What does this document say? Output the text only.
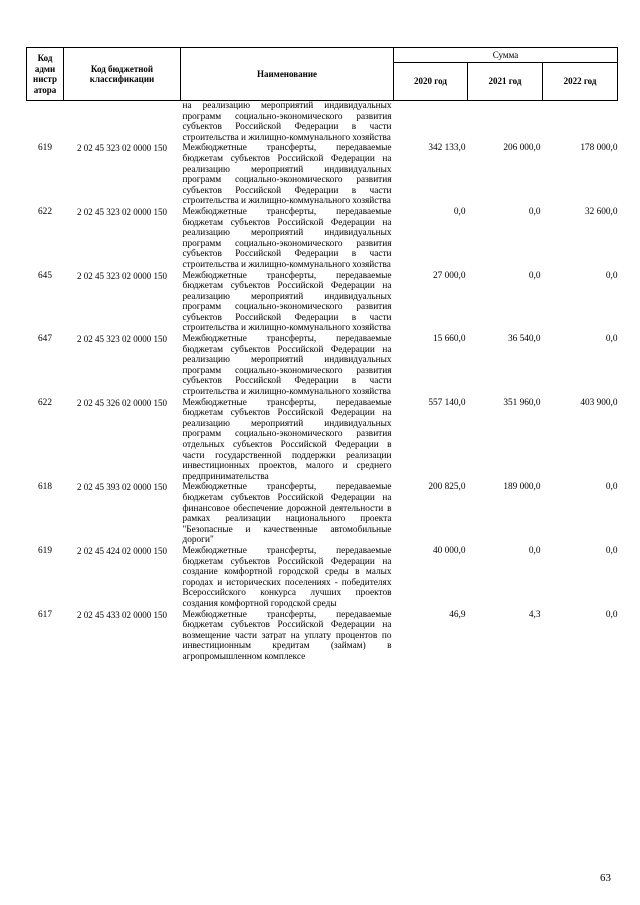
Код адми нистр атора	Код бюджетной классификации	Наименование	Сумма		
			2020 год	2021 год	2022 год
		на реализацию мероприятий индивидуальных программ социально-экономического развития субъектов Российской Федерации в части строительства и жилищно-коммунального хозяйства			
619	2 02 45 323 02 0000 150	Межбюджетные трансферты, передаваемые бюджетам субъектов Российской Федерации на реализацию мероприятий индивидуальных программ социально-экономического развития субъектов Российской Федерации в части строительства и жилищно-коммунального хозяйства	342 133,0	206 000,0	178 000,0
622	2 02 45 323 02 0000 150	Межбюджетные трансферты, передаваемые бюджетам субъектов Российской Федерации на реализацию мероприятий индивидуальных программ социально-экономического развития субъектов Российской Федерации в части строительства и жилищно-коммунального хозяйства	0,0	0,0	32 600,0
645	2 02 45 323 02 0000 150	Межбюджетные трансферты, передаваемые бюджетам субъектов Российской Федерации на реализацию мероприятий индивидуальных программ социально-экономического развития субъектов Российской Федерации в части строительства и жилищно-коммунального хозяйства	27 000,0	0,0	0,0
647	2 02 45 323 02 0000 150	Межбюджетные трансферты, передаваемые бюджетам субъектов Российской Федерации на реализацию мероприятий индивидуальных программ социально-экономического развития субъектов Российской Федерации в части строительства и жилищно-коммунального хозяйства	15 660,0	36 540,0	0,0
622	2 02 45 326 02 0000 150	Межбюджетные трансферты, передаваемые бюджетам субъектов Российской Федерации на реализацию мероприятий индивидуальных программ социально-экономического развития отдельных субъектов Российской Федерации в части государственной поддержки реализации инвестиционных проектов, малого и среднего предпринимательства	557 140,0	351 960,0	403 900,0
618	2 02 45 393 02 0000 150	Межбюджетные трансферты, передаваемые бюджетам субъектов Российской Федерации на финансовое обеспечение дорожной деятельности в рамках реализации национального проекта "Безопасные и качественные автомобильные дороги"	200 825,0	189 000,0	0,0
619	2 02 45 424 02 0000 150	Межбюджетные трансферты, передаваемые бюджетам субъектов Российской Федерации на создание комфортной городской среды в малых городах и исторических поселениях - победителях Всероссийского конкурса лучших проектов создания комфортной городской среды	40 000,0	0,0	0,0
617	2 02 45 433 02 0000 150	Межбюджетные трансферты, передаваемые бюджетам субъектов Российской Федерации на возмещение части затрат на уплату процентов по инвестиционным кредитам (займам) в агропромышленном комплексе	46,9	4,3	0,0
63
